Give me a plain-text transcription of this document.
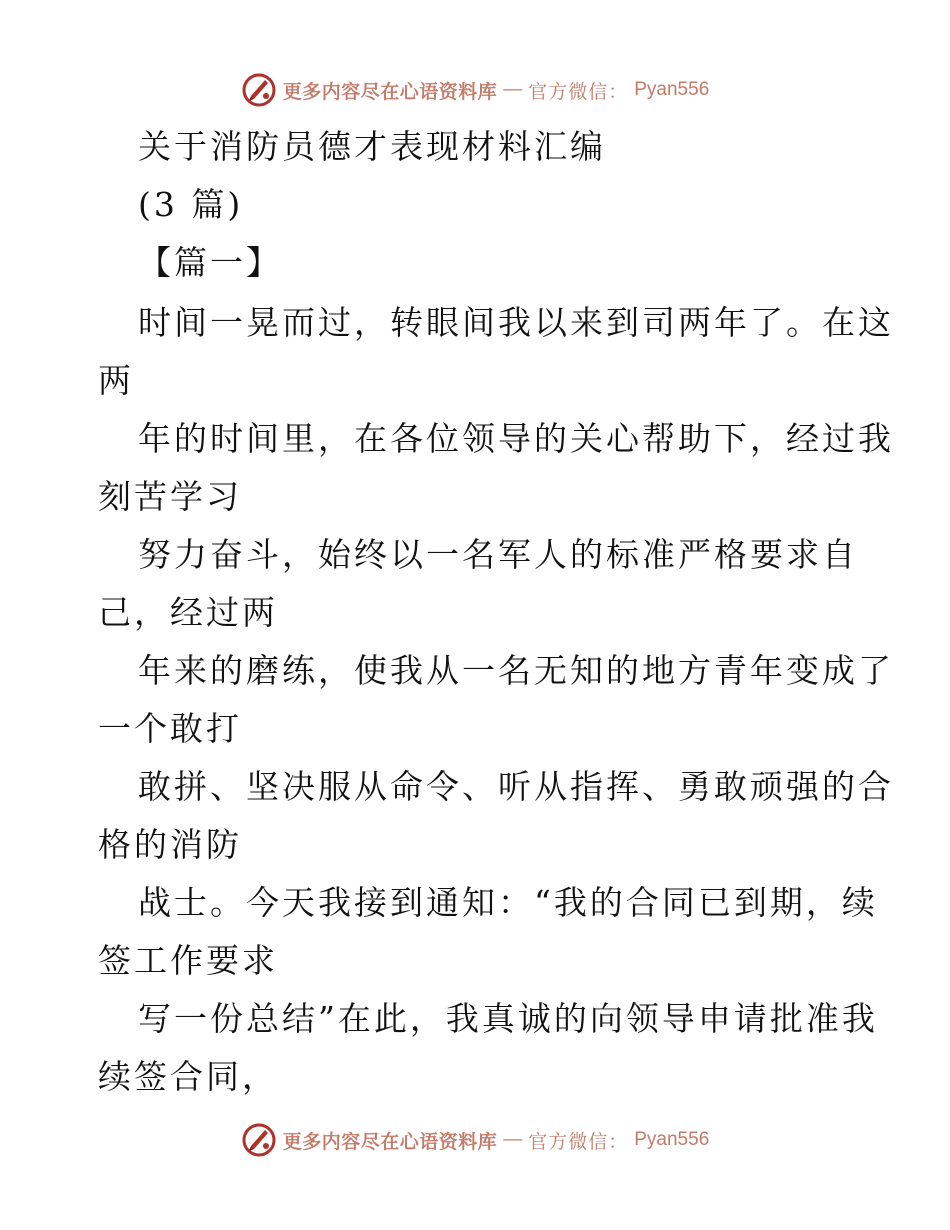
更多内容尽在心语资料库 — 官方微信： Pyan556
关于消防员德才表现材料汇编
(3 篇)
【篇一】
时间一晃而过，转眼间我以来到司两年了。在这
两
年的时间里，在各位领导的关心帮助下，经过我
刻苦学习
努力奋斗，始终以一名军人的标准严格要求自
己，经过两
年来的磨练，使我从一名无知的地方青年变成了
一个敢打
敢拼、坚决服从命令、听从指挥、勇敢顽强的合
格的消防
战士。今天我接到通知：“我的合同已到期，续
签工作要求
写一份总结”在此，我真诚的向领导申请批准我
续签合同，
更多内容尽在心语资料库 — 官方微信： Pyan556
